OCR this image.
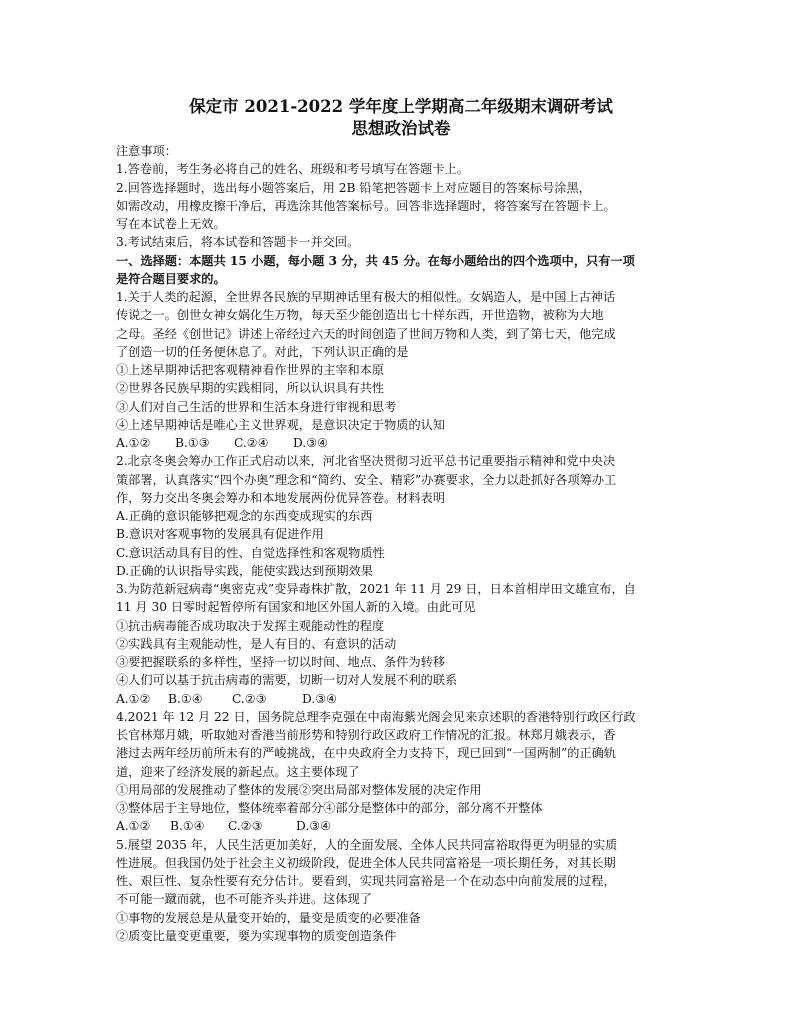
保定市 2021-2022 学年度上学期高二年级期末调研考试
思想政治试卷
注意事项：
1.答卷前，考生务必将自己的姓名、班级和考号填写在答题卡上。
2.回答选择题时，选出每小题答案后，用 2B 铅笔把答题卡上对应题目的答案标号涂黑，
如需改动，用橡皮擦干净后，再选涂其他答案标号。回答非选择题时，将答案写在答题卡上。
写在本试卷上无效。
3.考试结束后，将本试卷和答题卡一并交回。
一、选择题：本题共 15 小题，每小题 3 分，共 45 分。在每小题给出的四个选项中，只有一项
是符合题目要求的。
1.关于人类的起源，全世界各民族的早期神话里有极大的相似性。女娲造人，是中国上古神话
传说之一。创世女神女娲化生万物，每天至少能创造出七十样东西，开世造物，被称为大地
之母。圣经《创世记》讲述上帝经过六天的时间创造了世间万物和人类，到了第七天，他完成
了创造一切的任务便休息了。对此，下列认识正确的是
①上述早期神话把客观精神看作世界的主宰和本原
②世界各民族早期的实践相同，所以认识具有共性
③人们对自己生活的世界和生活本身进行审视和思考
④上述早期神话是唯心主义世界观，是意识决定于物质的认知
A.①② B.①③ C.②④ D.③④
2.北京冬奥会筹办工作正式启动以来，河北省坚决贯彻习近平总书记重要指示精神和党中央决
策部署，认真落实“四个办奥”理念和“简约、安全、精彩”办赛要求，全力以赴抓好各项筹办工
作，努力交出冬奥会筹办和本地发展两份优异答卷。材料表明
A.正确的意识能够把观念的东西变成现实的东西
B.意识对客观事物的发展具有促进作用
C.意识活动具有目的性、自觉选择性和客观物质性
D.正确的认识指导实践，能使实践达到预期效果
3.为防范新冠病毒“奥密克戎”变异毒株扩散，2021 年 11 月 29 日，日本首相岸田文雄宣布，自
11 月 30 日零时起暂停所有国家和地区外国人新的入境。由此可见
①抗击病毒能否成功取决于发挥主观能动性的程度
②实践具有主观能动性，是人有目的、有意识的活动
③要把握联系的多样性，坚持一切以时间、地点、条件为转移
④人们可以基于抗击病毒的需要，切断一切对人发展不利的联系
A.①② B.①④ C.②③	D.③④
4.2021 年 12 月 22 日，国务院总理李克强在中南海紫光阁会见来京述职的香港特别行政区行政
长官林郑月娥，听取她对香港当前形势和特别行政区政府工作情况的汇报。林郑月娥表示，香
港过去两年经历前所未有的严峻挑战，在中央政府全力支持下，现已回到“一国两制”的正确轨
道，迎来了经济发展的新起点。这主要体现了
①用局部的发展推动了整体的发展②突出局部对整体发展的决定作用
③整体居于主导地位，整体统率着部分④部分是整体中的部分，部分离不开整体
A.①② B.①④ C.②③	D.③④
5.展望 2035 年，人民生活更加美好，人的全面发展、全体人民共同富裕取得更为明显的实质
性进展。但我国仍处于社会主义初级阶段，促进全体人民共同富裕是一项长期任务，对其长期
性、艰巨性、复杂性要有充分估计。要看到，实现共同富裕是一个在动态中向前发展的过程，
不可能一蹴而就，也不可能齐头并进。这体现了
①事物的发展总是从量变开始的，量变是质变的必要准备
②质变比量变更重要，要为实现事物的质变创造条件
